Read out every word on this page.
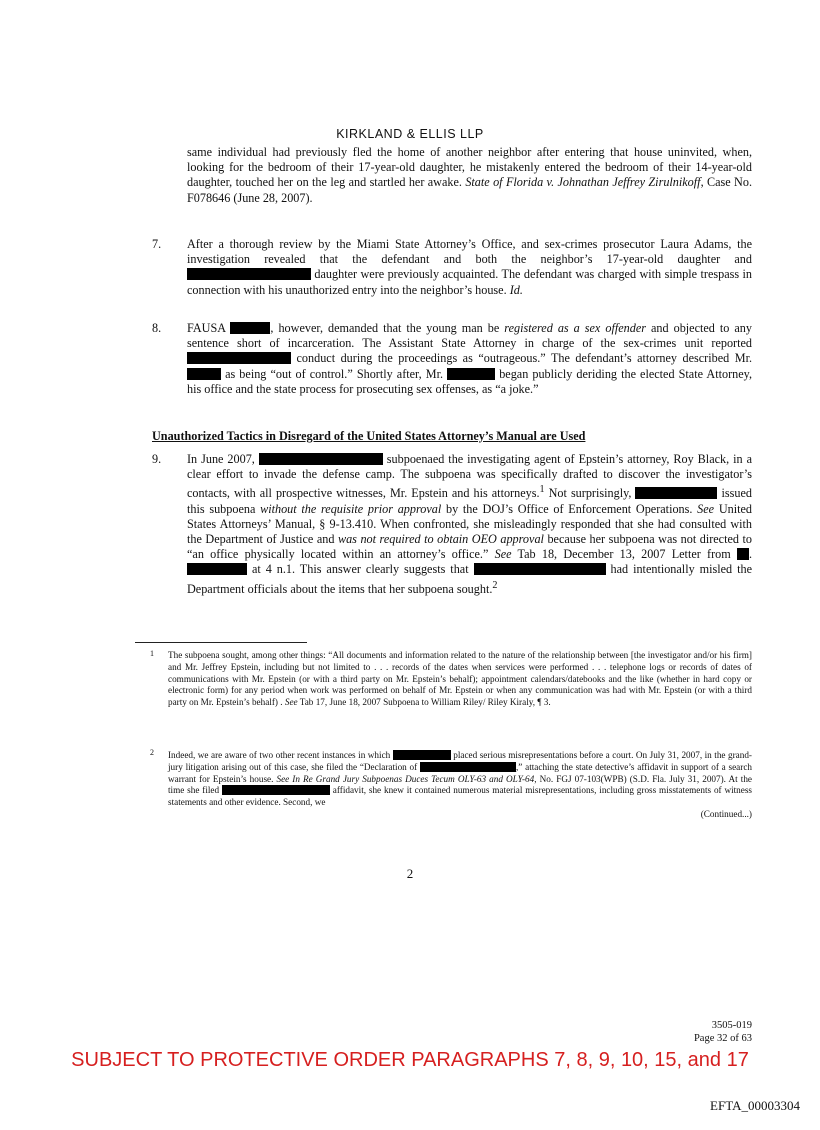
KIRKLAND & ELLIS LLP
same individual had previously fled the home of another neighbor after entering that house uninvited, when, looking for the bedroom of their 17-year-old daughter, he mistakenly entered the bedroom of their 14-year-old daughter, touched her on the leg and startled her awake. State of Florida v. Johnathan Jeffrey Zirulnikoff, Case No. F078646 (June 28, 2007).
7. After a thorough review by the Miami State Attorney’s Office, and sex-crimes prosecutor Laura Adams, the investigation revealed that the defendant and both the neighbor’s 17-year-old daughter and  daughter were previously acquainted. The defendant was charged with simple trespass in connection with his unauthorized entry into the neighbor’s house. Id.
8. FAUSA	, however, demanded that the young man be registered as a sex offender and objected to any sentence short of incarceration. The Assistant State Attorney in charge of the sex-crimes unit reported  conduct during the proceedings as “outrageous.” The defendant’s attorney described Mr.  as being “out of control.” Shortly after, Mr.	began publicly deriding the elected State Attorney, his office and the state process for prosecuting sex offenses, as “a joke.”
Unauthorized Tactics in Disregard of the United States Attorney’s Manual are Used
9. In June 2007,	subpoenaed the investigating agent of Epstein’s attorney, Roy Black, in a clear effort to invade the defense camp. The subpoena was specifically drafted to discover the investigator’s contacts, with all prospective witnesses, Mr. Epstein and his attorneys.$^1$ Not surprisingly,	issued this subpoena without the requisite prior approval by the DOJ’s Office of Enforcement Operations. See United States Attorneys’ Manual, § 9-13.410. When confronted, she misleadingly responded that she had consulted with the Department of Justice and was not required to obtain OEO approval because her subpoena was not directed to “an office physically located within an attorney’s office.” See Tab 18, December 13, 2007 Letter from .  at 4 n.1. This answer clearly suggests that	had intentionally misled the Department officials about the items that her subpoena sought.$^2$
1 The subpoena sought, among other things: “All documents and information related to the nature of the relationship between [the investigator and/or his firm] and Mr. Jeffrey Epstein, including but not limited to . . . records of the dates when services were performed . . . telephone logs or records of dates of communications with Mr. Epstein (or with a third party on Mr. Epstein’s behalf); appointment calendars/datebooks and the like (whether in hard copy or electronic form) for any period when work was performed on behalf of Mr. Epstein or when any communication was had with Mr. Epstein (or with a third party on Mr. Epstein’s behalf) . See Tab 17, June 18, 2007 Subpoena to William Riley/ Riley Kiraly, ¶ 3.
2 Indeed, we are aware of two other recent instances in which	placed serious misrepresentations before a court. On July 31, 2007, in the grand-jury litigation arising out of this case, she filed the “Declaration of	,” attaching the state detective’s affidavit in support of a search warrant for Epstein’s house. See In Re Grand Jury Subpoenas Duces Tecum OLY-63 and OLY-64, No. FGJ 07-103(WPB) (S.D. Fla. July 31, 2007). At the time she filed	affidavit, she knew it contained numerous material misrepresentations, including gross misstatements of witness statements and other evidence. Second, we
(Continued...)
2
3505-019
Page 32 of 63
SUBJECT TO PROTECTIVE ORDER PARAGRAPHS 7, 8, 9, 10, 15, and 17
EFTA_00003304
